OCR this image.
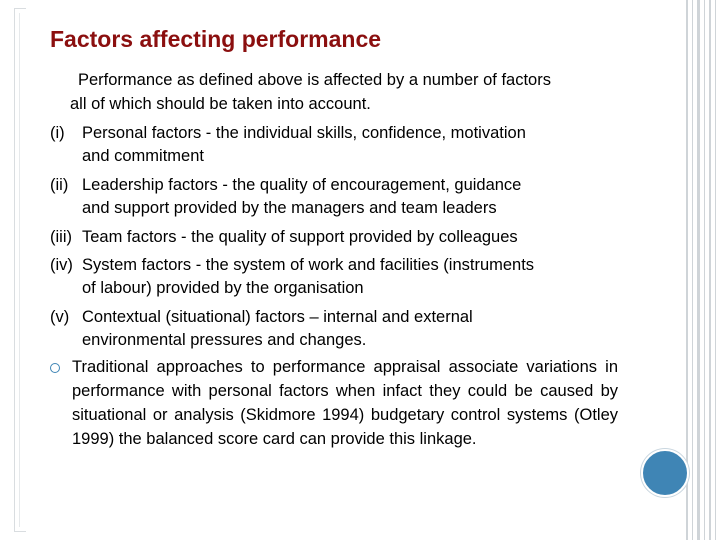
Factors affecting performance
Performance as defined above is affected by a number of factors
all of which should be taken into account.
(i) Personal factors - the individual skills, confidence, motivation
and commitment
(ii) Leadership factors - the quality of encouragement, guidance
and support provided by the managers and team leaders
(iii) Team factors - the quality of support provided by colleagues
(iv) System factors - the system of work and facilities (instruments
of labour) provided by the organisation
(v) Contextual (situational) factors – internal and external
environmental pressures and changes.
Traditional approaches to performance appraisal associate variations in performance with personal factors when infact they could be caused by situational or analysis (Skidmore 1994) budgetary control systems (Otley 1999) the balanced score card can provide this linkage.
